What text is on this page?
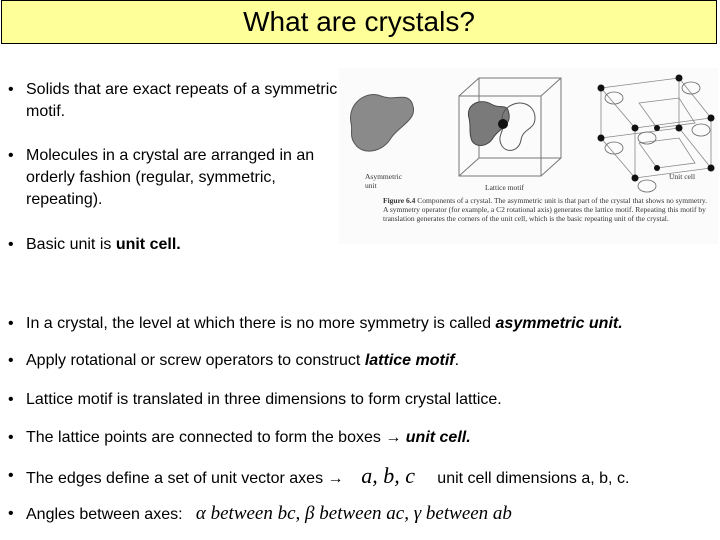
What are crystals?
• Solids that are exact repeats of a symmetric motif.
• Molecules in a crystal are arranged in an orderly fashion (regular, symmetric, repeating).
• Basic unit is unit cell.
Asymmetric unit	Lattice motif
Unit cell
Figure 6.4 Components of a crystal. The asymmetric unit is that part of the crystal that shows no symmetry. A symmetry operator (for example, a C2 rotational axis) generates the lattice motif. Repeating this motif by translation generates the corners of the unit cell, which is the basic repeating unit of the crystal.
• In a crystal, the level at which there is no more symmetry is called asymmetric unit.
• Apply rotational or screw operators to construct lattice motif.
• Lattice motif is translated in three dimensions to form crystal lattice.
• The lattice points are connected to form the boxes → unit cell.
• The edges define a set of unit vector axes → a, b, c unit cell dimensions a, b, c.
• Angles between axes: α between bc, β between ac, γ between ab
